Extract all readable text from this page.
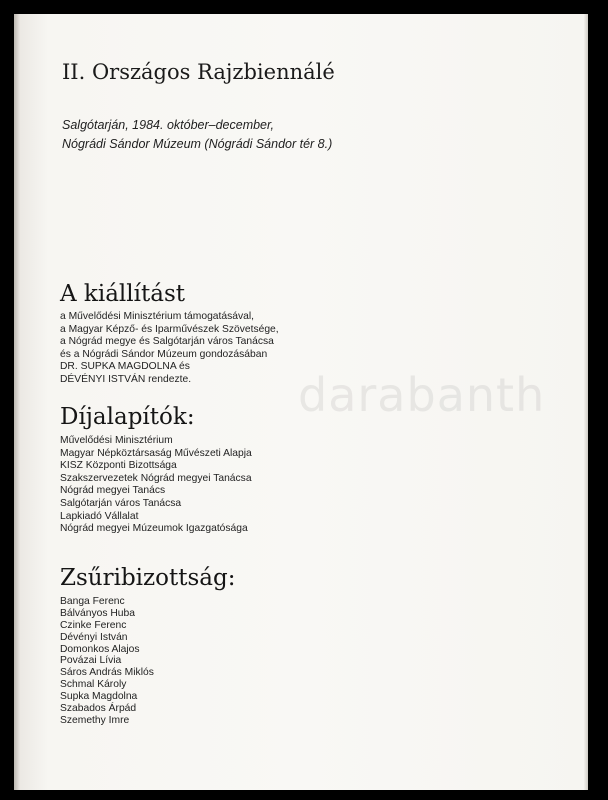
II. Országos Rajzbiennálé
Salgótarján, 1984. október–december,
Nógrádi Sándor Múzeum (Nógrádi Sándor tér 8.)
A kiállítást
a Művelődési Minisztérium támogatásával,
a Magyar Képző- és Iparművészek Szövetsége,
a Nógrád megye és Salgótarján város Tanácsa
és a Nógrádi Sándor Múzeum gondozásában
DR. SUPKA MAGDOLNA és
DÉVÉNYI ISTVÁN rendezte.
Díjalapítók:
Művelődési Minisztérium
Magyar Népköztársaság Művészeti Alapja
KISZ Központi Bizottsága
Szakszervezetek Nógrád megyei Tanácsa
Nógrád megyei Tanács
Salgótarján város Tanácsa
Lapkiadó Vállalat
Nógrád megyei Múzeumok Igazgatósága
Zsűribizottság:
Banga Ferenc
Bálványos Huba
Czinke Ferenc
Dévényi István
Domonkos Alajos
Povázai Lívia
Sáros András Miklós
Schmal Károly
Supka Magdolna
Szabados Árpád
Szemethy Imre
darabanth
